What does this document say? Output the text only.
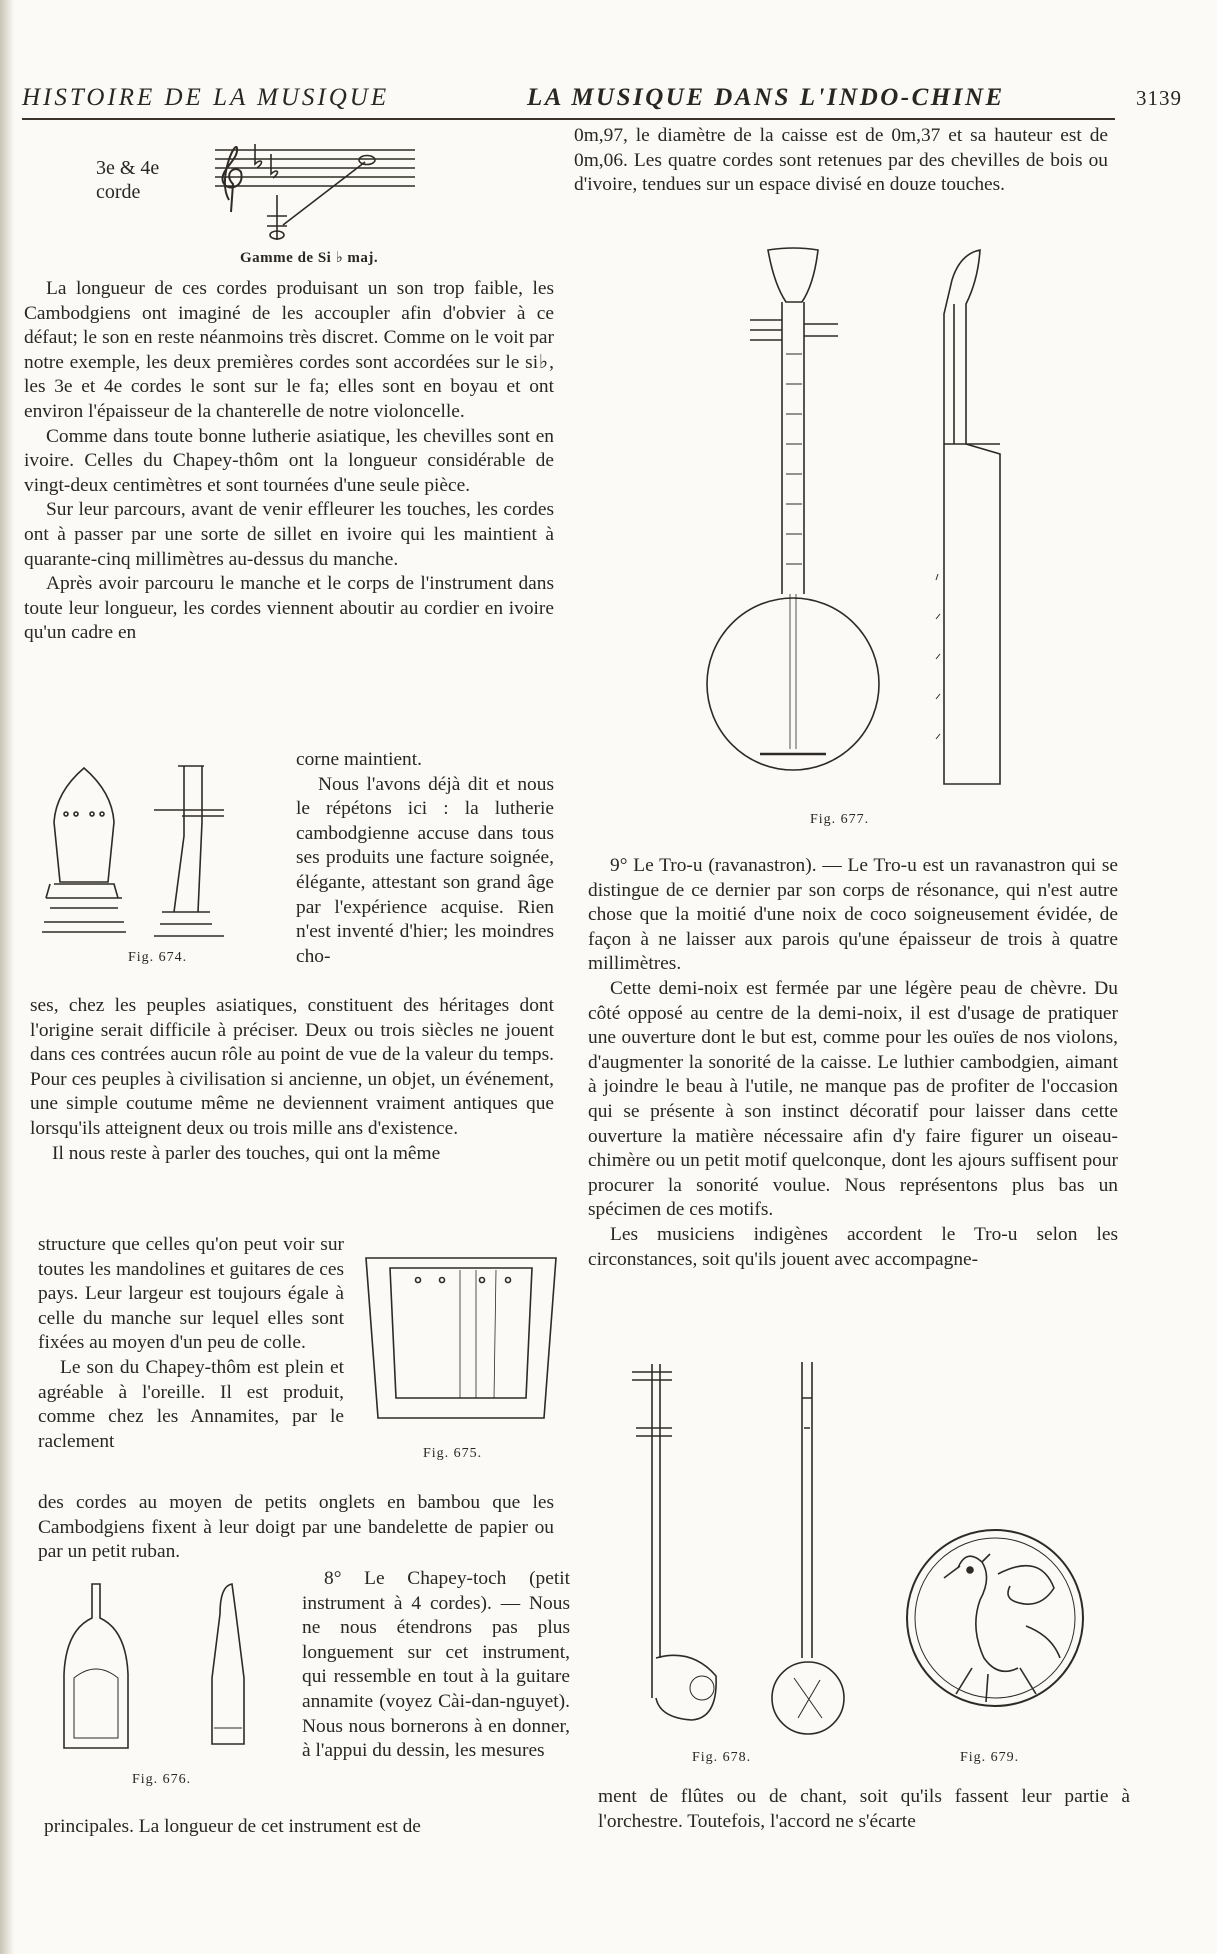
HISTOIRE DE LA MUSIQUE	LA MUSIQUE DANS L'INDO-CHINE	3139
3e & 4e
corde
Gamme de Si ♭ maj.

La longueur de ces cordes produisant un son trop faible, les Cambodgiens ont imaginé de les accoupler afin d'obvier à ce défaut; le son en reste néanmoins très discret. Comme on le voit par notre exemple, les deux premières cordes sont accordées sur le si♭, les 3e et 4e cordes le sont sur le fa; elles sont en boyau et ont environ l'épaisseur de la chanterelle de notre violoncelle.

Comme dans toute bonne lutherie asiatique, les chevilles sont en ivoire. Celles du Chapey-thôm ont la longueur considérable de vingt-deux centimètres et sont tournées d'une seule pièce.

Sur leur parcours, avant de venir effleurer les touches, les cordes ont à passer par une sorte de sillet en ivoire qui les maintient à quarante-cinq millimètres au-dessus du manche.

Après avoir parcouru le manche et le corps de l'instrument dans toute leur longueur, les cordes viennent aboutir au cordier en ivoire qu'un cadre en

corne maintient.

Nous l'avons déjà dit et nous le répétons ici : la lutherie cambodgienne accuse dans tous ses produits une facture soignée, élégante, attestant son grand âge par l'expérience acquise. Rien n'est inventé d'hier; les moindres cho-

Fig. 674.

ses, chez les peuples asiatiques, constituent des héritages dont l'origine serait difficile à préciser. Deux ou trois siècles ne jouent dans ces contrées aucun rôle au point de vue de la valeur du temps. Pour ces peuples à civilisation si ancienne, un objet, un événement, une simple coutume même ne deviennent vraiment antiques que lorsqu'ils atteignent deux ou trois mille ans d'existence.

Il nous reste à parler des touches, qui ont la même

structure que celles qu'on peut voir sur toutes les mandolines et guitares de ces pays. Leur largeur est toujours égale à celle du manche sur lequel elles sont fixées au moyen d'un peu de colle.

Le son du Chapey-thôm est plein et agréable à l'oreille. Il est produit, comme chez les Annamites, par le raclement

Fig. 675.

des cordes au moyen de petits onglets en bambou que les Cambodgiens fixent à leur doigt par une bandelette de papier ou par un petit ruban.

Fig. 676.

8° Le Chapey-toch (petit instrument à 4 cordes). — Nous ne nous étendrons pas plus longuement sur cet instrument, qui ressemble en tout à la guitare annamite (voyez Cài-dan-nguyet). Nous nous bornerons à en donner, à l'appui du dessin, les mesures

principales. La longueur de cet instrument est de

0m,97, le diamètre de la caisse est de 0m,37 et sa hauteur est de 0m,06. Les quatre cordes sont retenues par des chevilles de bois ou d'ivoire, tendues sur un espace divisé en douze touches.

Fig. 677.

9° Le Tro-u (ravanastron). — Le Tro-u est un ravanastron qui se distingue de ce dernier par son corps de résonance, qui n'est autre chose que la moitié d'une noix de coco soigneusement évidée, de façon à ne laisser aux parois qu'une épaisseur de trois à quatre millimètres.

Cette demi-noix est fermée par une légère peau de chèvre. Du côté opposé au centre de la demi-noix, il est d'usage de pratiquer une ouverture dont le but est, comme pour les ouïes de nos violons, d'augmenter la sonorité de la caisse. Le luthier cambodgien, aimant à joindre le beau à l'utile, ne manque pas de profiter de l'occasion qui se présente à son instinct décoratif pour laisser dans cette ouverture la matière nécessaire afin d'y faire figurer un oiseau-chimère ou un petit motif quelconque, dont les ajours suffisent pour procurer la sonorité voulue. Nous représentons plus bas un spécimen de ces motifs.

Les musiciens indigènes accordent le Tro-u selon les circonstances, soit qu'ils jouent avec accompagne-

Fig. 678.	Fig. 679.

ment de flûtes ou de chant, soit qu'ils fassent leur partie à l'orchestre. Toutefois, l'accord ne s'écarte
